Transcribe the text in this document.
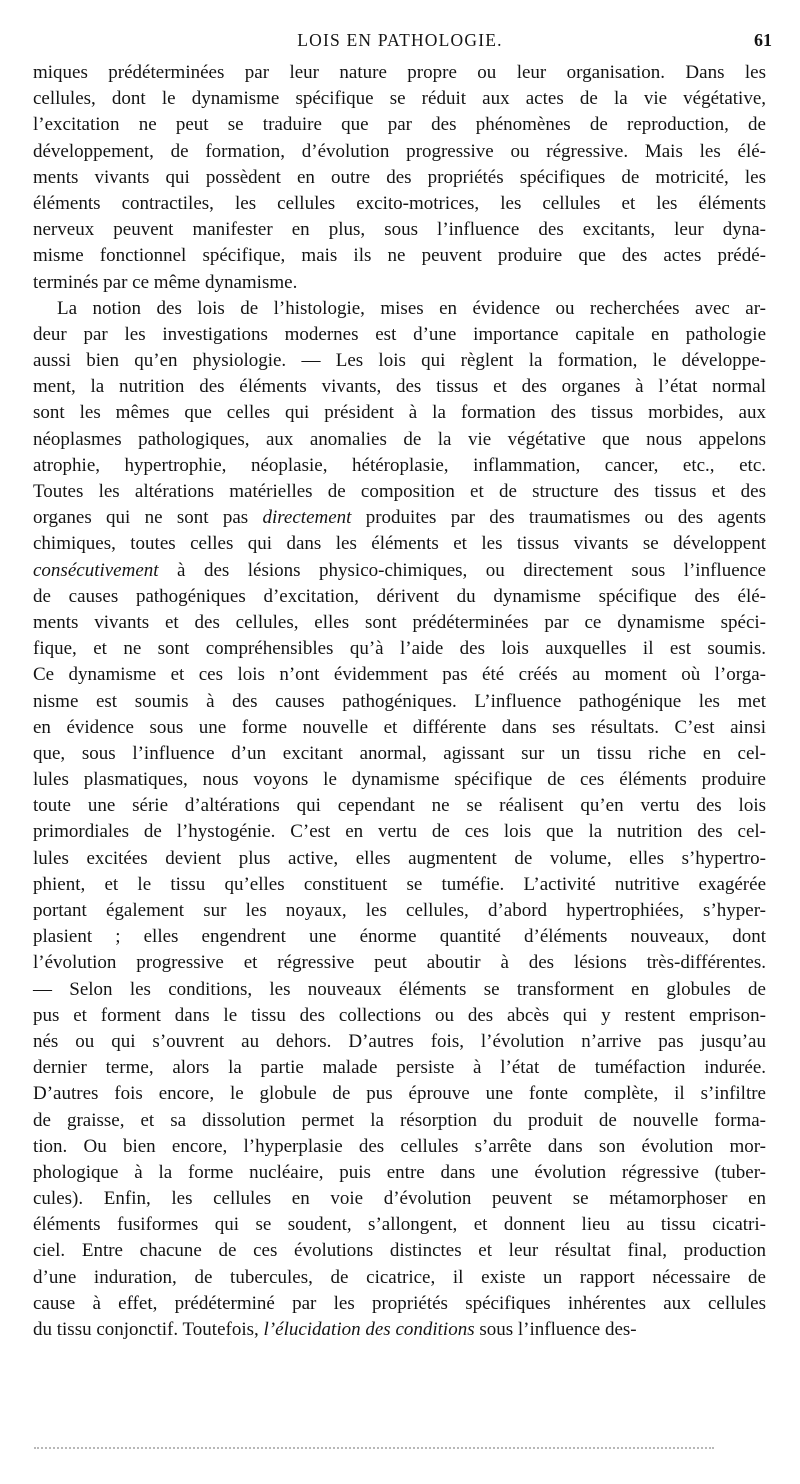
LOIS EN PATHOLOGIE.	61
miques prédéterminées par leur nature propre ou leur organisation. Dans les
cellules, dont le dynamisme spécifique se réduit aux actes de la vie végétative,
l’excitation ne peut se traduire que par des phénomènes de reproduction, de
développement, de formation, d’évolution progressive ou régressive. Mais les élé-
ments vivants qui possèdent en outre des propriétés spécifiques de motricité, les
éléments contractiles, les cellules excito-motrices, les cellules et les éléments
nerveux peuvent manifester en plus, sous l’influence des excitants, leur dyna-
misme fonctionnel spécifique, mais ils ne peuvent produire que des actes prédé-
terminés par ce même dynamisme.
La notion des lois de l’histologie, mises en évidence ou recherchées avec ar-
deur par les investigations modernes est d’une importance capitale en pathologie
aussi bien qu’en physiologie. — Les lois qui règlent la formation, le développe-
ment, la nutrition des éléments vivants, des tissus et des organes à l’état normal
sont les mêmes que celles qui président à la formation des tissus morbides, aux
néoplasmes pathologiques, aux anomalies de la vie végétative que nous appelons
atrophie, hypertrophie, néoplasie, hétéroplasie, inflammation, cancer, etc., etc.
Toutes les altérations matérielles de composition et de structure des tissus et des
organes qui ne sont pas directement produites par des traumatismes ou des agents
chimiques, toutes celles qui dans les éléments et les tissus vivants se développent
consécutivement à des lésions physico-chimiques, ou directement sous l’influence
de causes pathogéniques d’excitation, dérivent du dynamisme spécifique des élé-
ments vivants et des cellules, elles sont prédéterminées par ce dynamisme spéci-
fique, et ne sont compréhensibles qu’à l’aide des lois auxquelles il est soumis.
Ce dynamisme et ces lois n’ont évidemment pas été créés au moment où l’orga-
nisme est soumis à des causes pathogéniques. L’influence pathogénique les met
en évidence sous une forme nouvelle et différente dans ses résultats. C’est ainsi
que, sous l’influence d’un excitant anormal, agissant sur un tissu riche en cel-
lules plasmatiques, nous voyons le dynamisme spécifique de ces éléments produire
toute une série d’altérations qui cependant ne se réalisent qu’en vertu des lois
primordiales de l’hystogénie. C’est en vertu de ces lois que la nutrition des cel-
lules excitées devient plus active, elles augmentent de volume, elles s’hypertro-
phient, et le tissu qu’elles constituent se tuméfie. L’activité nutritive exagérée
portant également sur les noyaux, les cellules, d’abord hypertrophiées, s’hyper-
plasient ; elles engendrent une énorme quantité d’éléments nouveaux, dont
l’évolution progressive et régressive peut aboutir à des lésions très-différentes.
— Selon les conditions, les nouveaux éléments se transforment en globules de
pus et forment dans le tissu des collections ou des abcès qui y restent emprison-
nés ou qui s’ouvrent au dehors. D’autres fois, l’évolution n’arrive pas jusqu’au
dernier terme, alors la partie malade persiste à l’état de tuméfaction indurée.
D’autres fois encore, le globule de pus éprouve une fonte complète, il s’infiltre
de graisse, et sa dissolution permet la résorption du produit de nouvelle forma-
tion. Ou bien encore, l’hyperplasie des cellules s’arrête dans son évolution mor-
phologique à la forme nucléaire, puis entre dans une évolution régressive (tuber-
cules). Enfin, les cellules en voie d’évolution peuvent se métamorphoser en
éléments fusiformes qui se soudent, s’allongent, et donnent lieu au tissu cicatri-
ciel. Entre chacune de ces évolutions distinctes et leur résultat final, production
d’une induration, de tubercules, de cicatrice, il existe un rapport nécessaire de
cause à effet, prédéterminé par les propriétés spécifiques inhérentes aux cellules
du tissu conjonctif. Toutefois, l’élucidation des conditions sous l’influence des-
